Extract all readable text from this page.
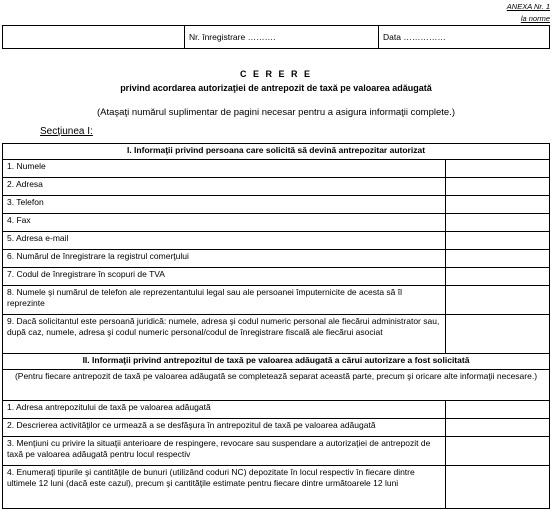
ANEXA Nr. 1
la norme
	Nr. înregistrare ……….	Data ……………
C E R E R E
privind acordarea autorizaţiei de antrepozit de taxă pe valoarea adăugată
(Ataşaţi numărul suplimentar de pagini necesar pentru a asigura informaţii complete.)
Secţiunea I:
I. Informaţii privind persoana care solicită să devină antrepozitar autorizat	
1. Numele	
2. Adresa	
3. Telefon	
4. Fax	
5. Adresa e-mail	
6. Numărul de înregistrare la registrul comerţului	
7. Codul de înregistrare în scopuri de TVA	
8. Numele şi numărul de telefon ale reprezentantului legal sau ale persoanei împuternicite de acesta să îl reprezinte	
9. Dacă solicitantul este persoană juridică: numele, adresa şi codul numeric personal ale fiecărui administrator sau, după caz, numele, adresa şi codul numeric personal/codul de înregistrare fiscală ale fiecărui asociat	
II. Informaţii privind antrepozitul de taxă pe valoarea adăugată a cărui autorizare a fost solicitată	
(Pentru fiecare antrepozit de taxă pe valoarea adăugată se completează separat această parte, precum şi oricare alte informaţii necesare.)	
1. Adresa antrepozitului de taxă pe valoarea adăugată	
2. Descrierea activităţilor ce urmează a se desfăşura în antrepozitul de taxă pe valoarea adăugată	
3. Menţiuni cu privire la situaţii anterioare de respingere, revocare sau suspendare a autorizaţiei de antrepozit de taxă pe valoarea adăugată pentru locul respectiv	
4. Enumeraţi tipurile şi cantităţile de bunuri (utilizând coduri NC) depozitate în locul respectiv în fiecare dintre ultimele 12 luni (dacă este cazul), precum şi cantităţile estimate pentru fiecare dintre următoarele 12 luni	
